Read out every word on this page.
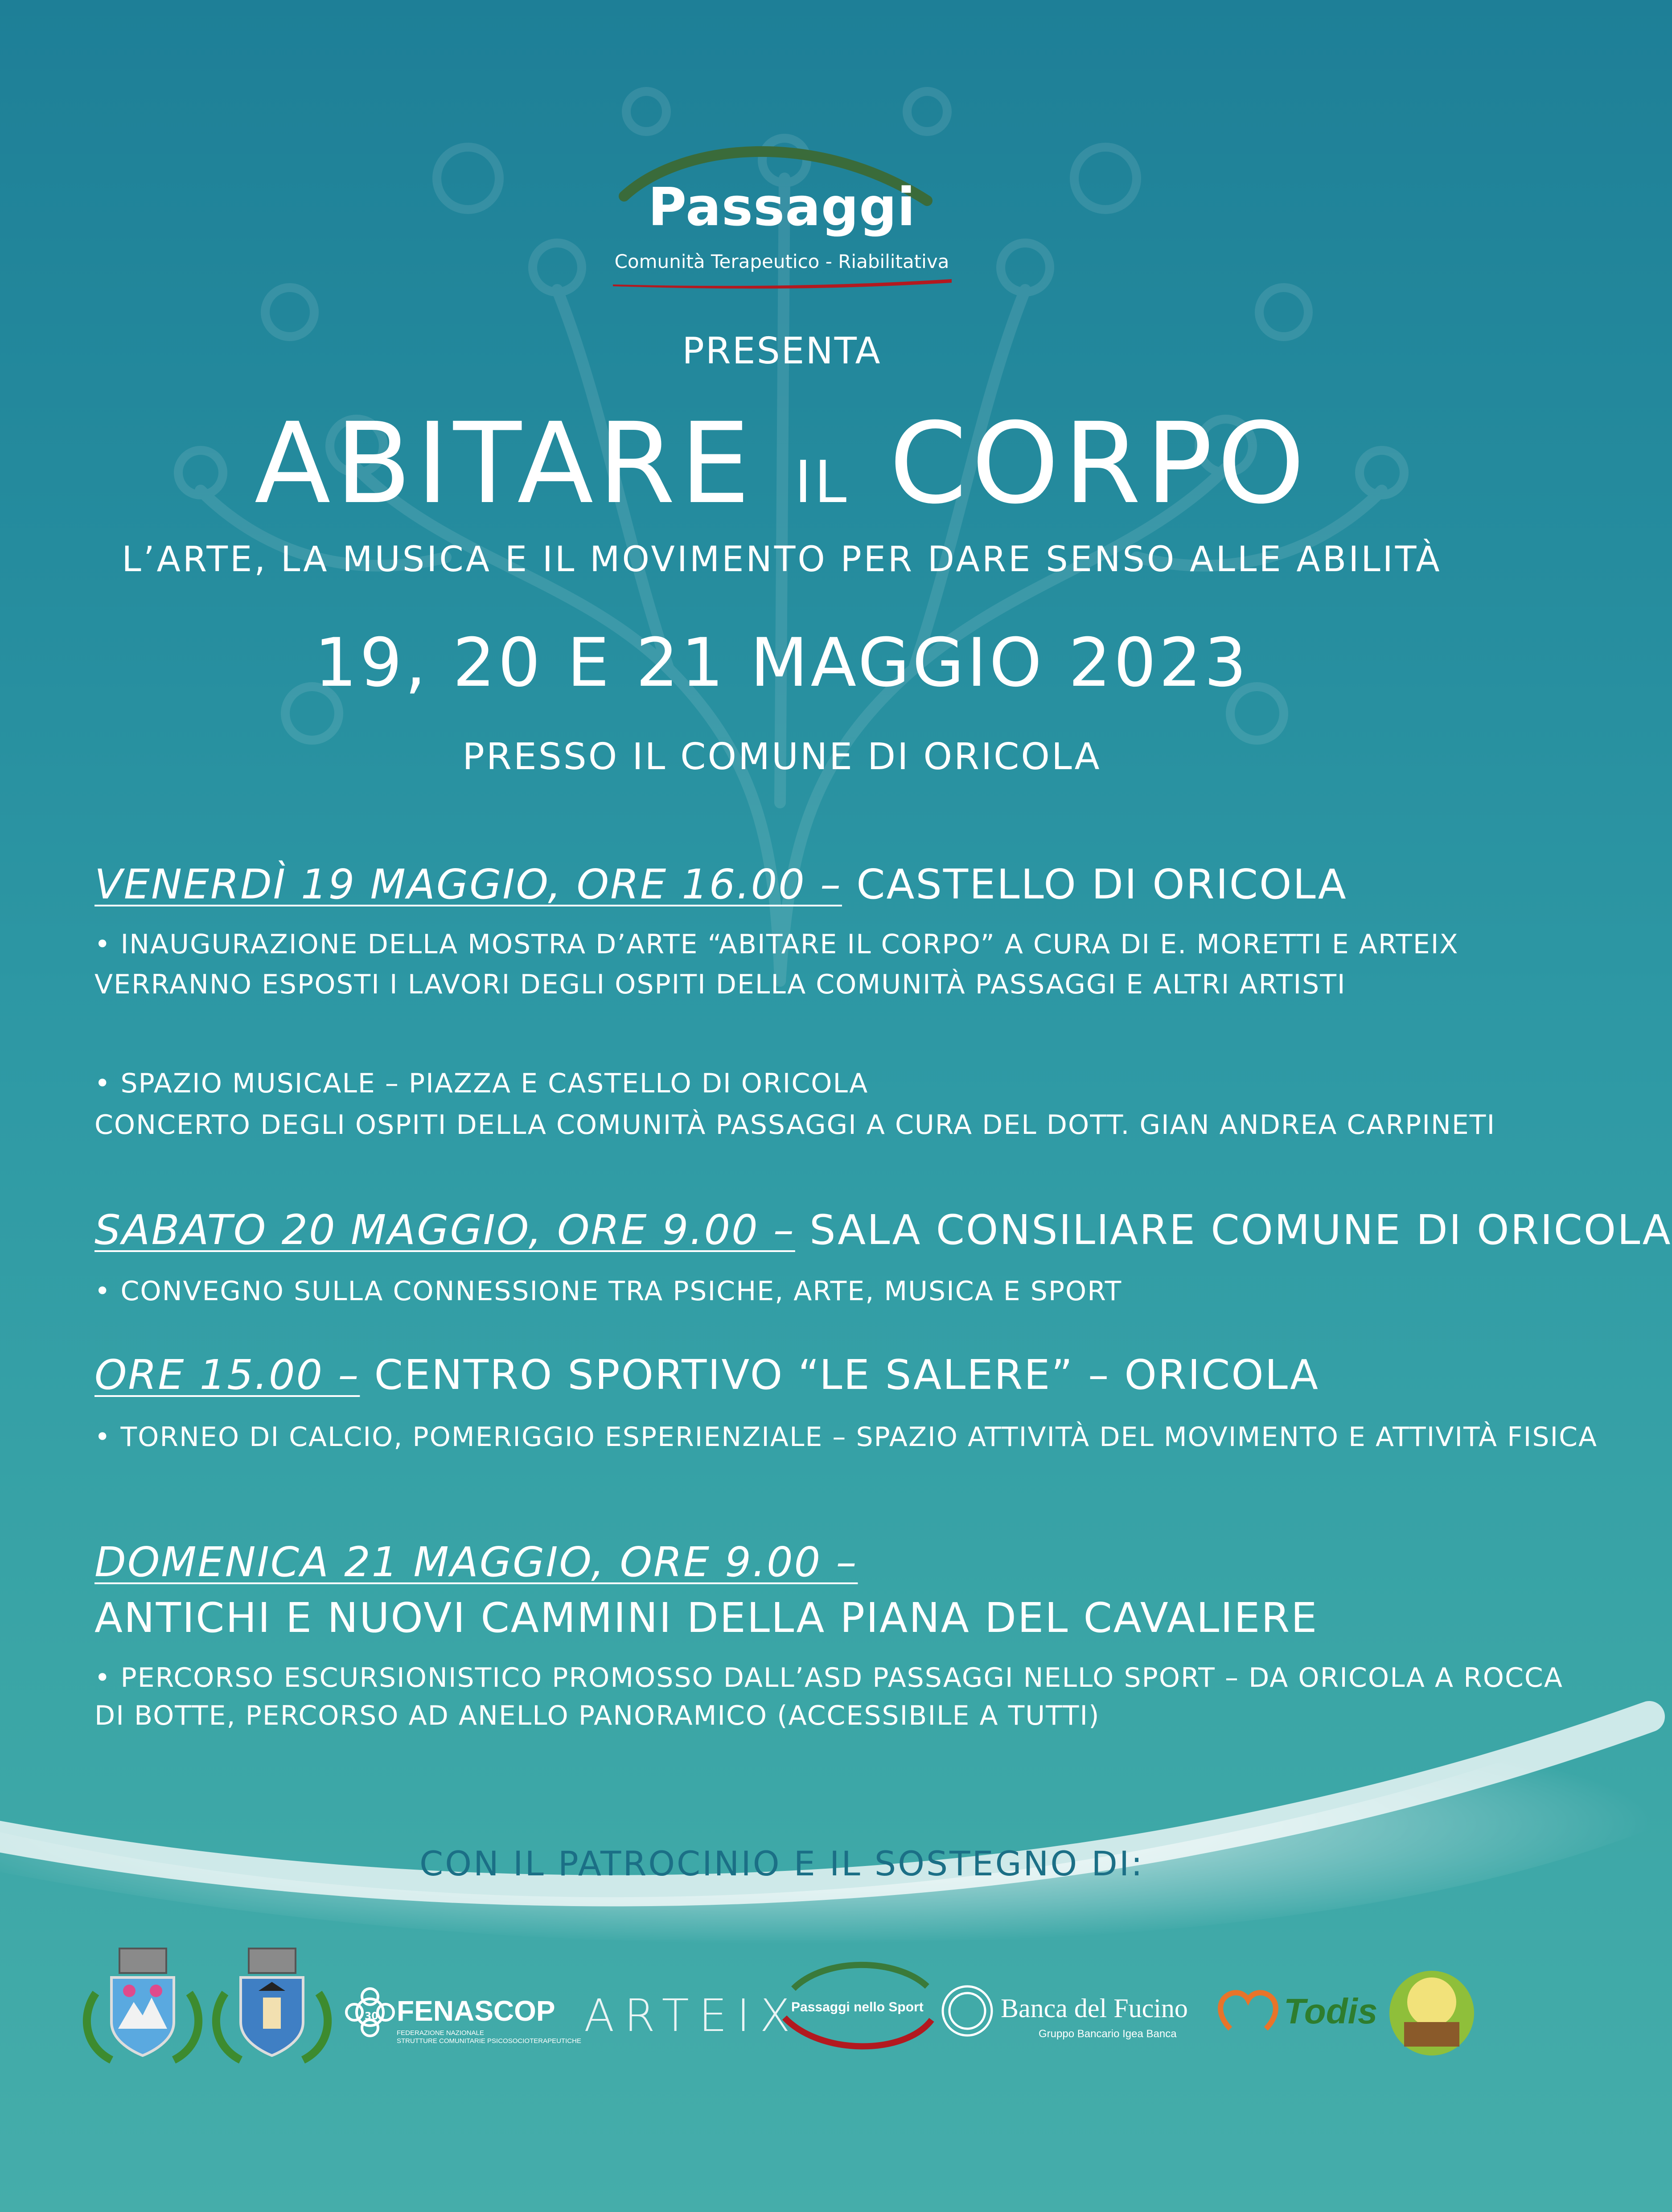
Passaggi
Comunità Terapeutico - Riabilitativa
PRESENTA
ABITARE IL CORPO
L’ARTE, LA MUSICA E IL MOVIMENTO PER DARE SENSO ALLE ABILITÀ
19, 20 E 21 MAGGIO 2023
PRESSO IL COMUNE DI ORICOLA
VENERDÌ 19 MAGGIO, ORE 16.00 – CASTELLO DI ORICOLA
• INAUGURAZIONE DELLA MOSTRA D’ARTE “ABITARE IL CORPO” A CURA DI E. MORETTI E ARTEIX
VERRANNO ESPOSTI I LAVORI DEGLI OSPITI DELLA COMUNITÀ PASSAGGI E ALTRI ARTISTI
• SPAZIO MUSICALE – PIAZZA E CASTELLO DI ORICOLA
CONCERTO DEGLI OSPITI DELLA COMUNITÀ PASSAGGI A CURA DEL DOTT. GIAN ANDREA CARPINETI
SABATO 20 MAGGIO, ORE 9.00 – SALA CONSILIARE COMUNE DI ORICOLA
• CONVEGNO SULLA CONNESSIONE TRA PSICHE, ARTE, MUSICA E SPORT
ORE 15.00 – CENTRO SPORTIVO “LE SALERE” – ORICOLA
• TORNEO DI CALCIO, POMERIGGIO ESPERIENZIALE – SPAZIO ATTIVITÀ DEL MOVIMENTO E ATTIVITÀ FISICA
DOMENICA 21 MAGGIO, ORE 9.00 –
ANTICHI E NUOVI CAMMINI DELLA PIANA DEL CAVALIERE
• PERCORSO ESCURSIONISTICO PROMOSSO DALL’ASD PASSAGGI NELLO SPORT – DA ORICOLA A ROCCA
DI BOTTE, PERCORSO AD ANELLO PANORAMICO (ACCESSIBILE A TUTTI)
CON IL PATROCINIO E IL SOSTEGNO DI:
30 FENASCOP
FEDERAZIONE NAZIONALE
STRUTTURE COMUNITARIE PSICOSOCIOTERAPEUTICHE ARTEIX
Passaggi nello Sport	Banca del Fucino
Gruppo Bancario Igea Banca
Todis
